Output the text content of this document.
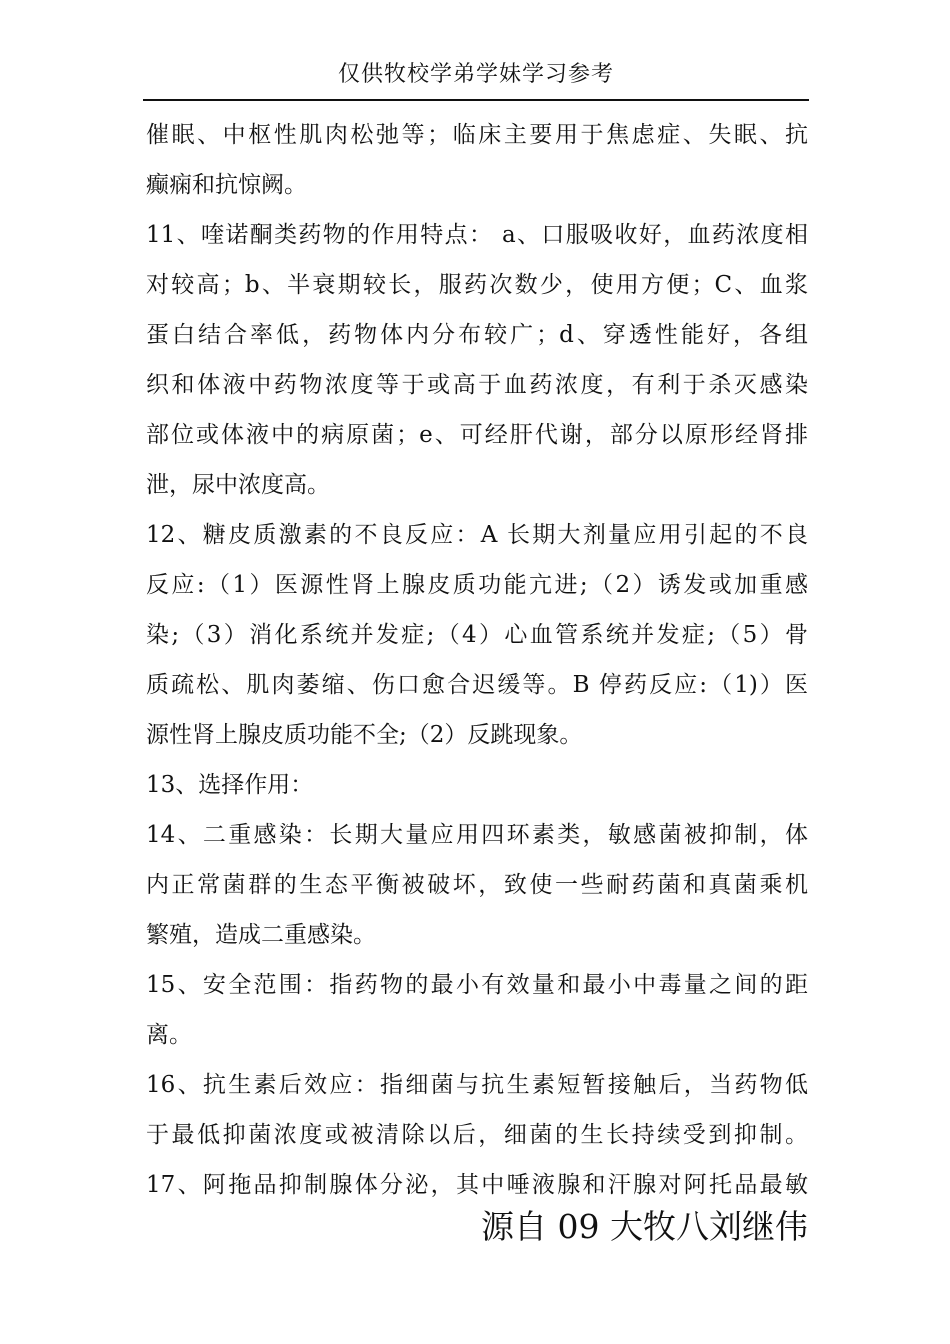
仅供牧校学弟学妹学习参考
催眠、中枢性肌肉松弛等；临床主要用于焦虑症、失眠、抗
癫痫和抗惊阙。
11、喹诺酮类药物的作用特点： a、口服吸收好，血药浓度相
对较高；b、半衰期较长，服药次数少，使用方便；C、血浆
蛋白结合率低，药物体内分布较广；d、穿透性能好，各组
织和体液中药物浓度等于或高于血药浓度，有利于杀灭感染
部位或体液中的病原菌；e、可经肝代谢，部分以原形经肾排
泄，尿中浓度高。
12、糖皮质激素的不良反应：A 长期大剂量应用引起的不良
反应:（1）医源性肾上腺皮质功能亢进;（2）诱发或加重感
染;（3）消化系统并发症;（4）心血管系统并发症;（5）骨
质疏松、肌肉萎缩、伤口愈合迟缓等。B 停药反应:（1)）医
源性肾上腺皮质功能不全;（2）反跳现象。
13、选择作用：
14、二重感染：长期大量应用四环素类，敏感菌被抑制，体
内正常菌群的生态平衡被破坏，致使一些耐药菌和真菌乘机
繁殖，造成二重感染。
15、安全范围：指药物的最小有效量和最小中毒量之间的距
离。
16、抗生素后效应：指细菌与抗生素短暂接触后，当药物低
于最低抑菌浓度或被清除以后，细菌的生长持续受到抑制。
17、阿拖品抑制腺体分泌，其中唾液腺和汗腺对阿托品最敏
源自 09 大牧八刘继伟
